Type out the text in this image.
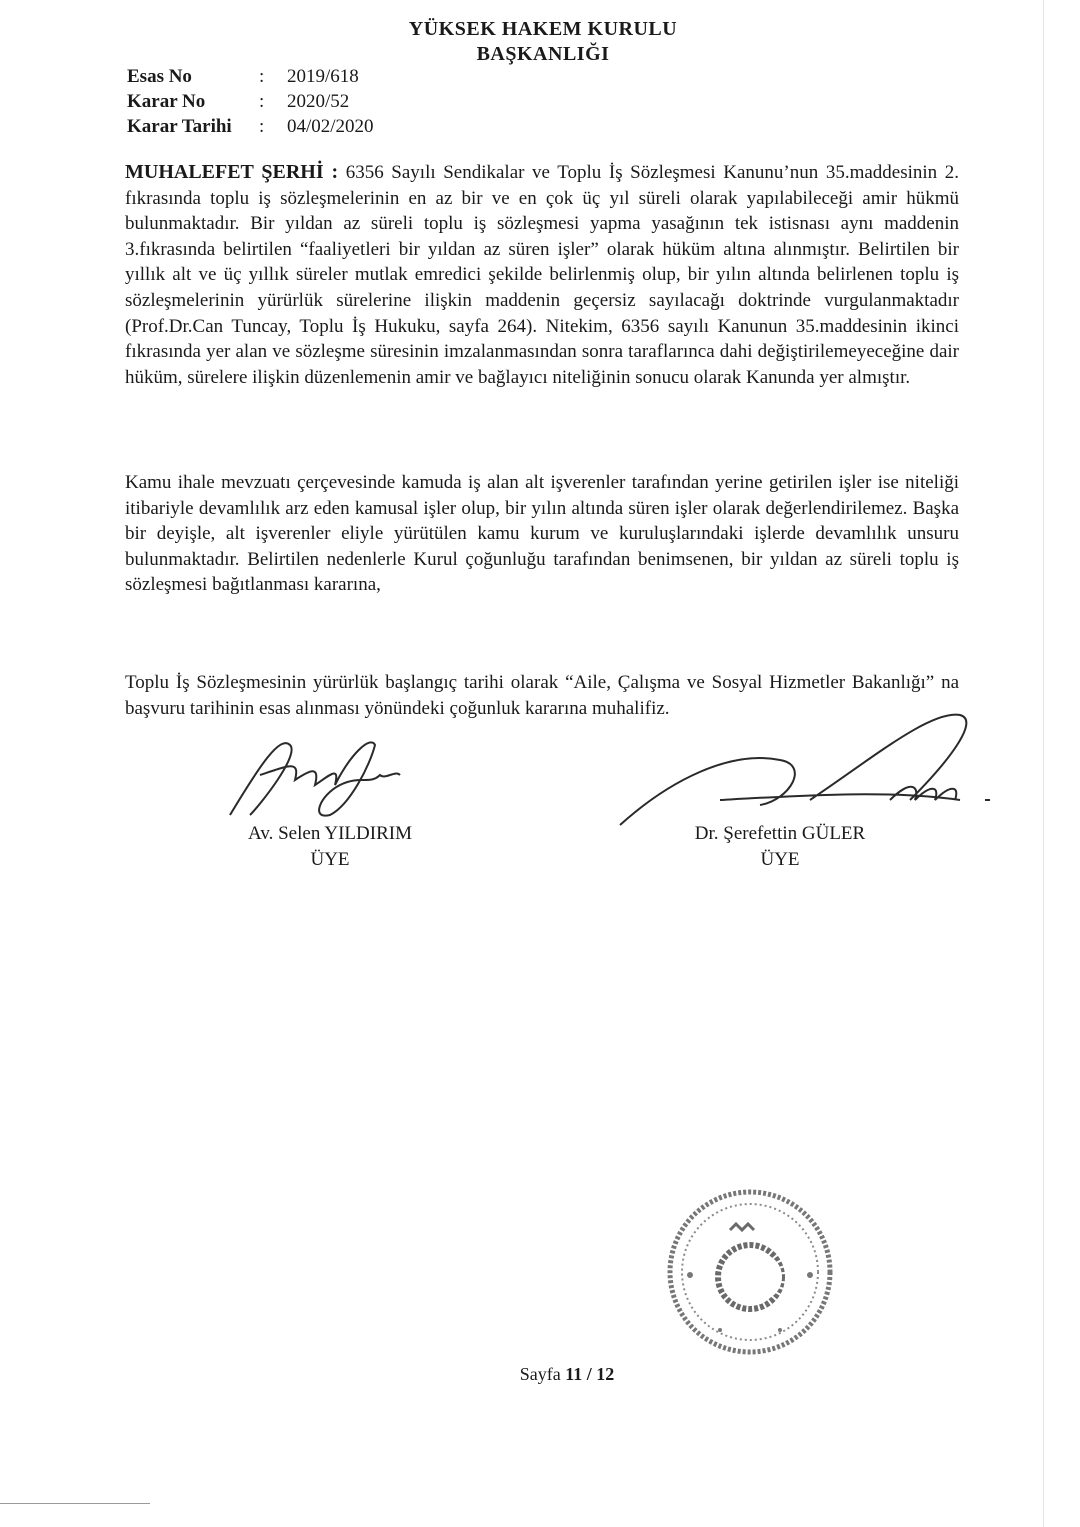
YÜKSEK HAKEM KURULU
BAŞKANLIĞI
Esas No	:	2019/618
Karar No	:	2020/52
Karar Tarihi	:	04/02/2020

MUHALEFET ŞERHİ : 6356 Sayılı Sendikalar ve Toplu İş Sözleşmesi Kanunu’nun 35.maddesinin 2. fıkrasında toplu iş sözleşmelerinin en az bir ve en çok üç yıl süreli olarak yapılabileceği amir hükmü bulunmaktadır. Bir yıldan az süreli toplu iş sözleşmesi yapma yasağının tek istisnası aynı maddenin 3.fıkrasında belirtilen “faaliyetleri bir yıldan az süren işler” olarak hüküm altına alınmıştır. Belirtilen bir yıllık alt ve üç yıllık süreler mutlak emredici şekilde belirlenmiş olup, bir yılın altında belirlenen toplu iş sözleşmelerinin yürürlük sürelerine ilişkin maddenin geçersiz sayılacağı doktrinde vurgulanmaktadır (Prof.Dr.Can Tuncay, Toplu İş Hukuku, sayfa 264). Nitekim, 6356 sayılı Kanunun 35.maddesinin ikinci fıkrasında yer alan ve sözleşme süresinin imzalanmasından sonra taraflarınca dahi değiştirilemeyeceğine dair hüküm, sürelere ilişkin düzenlemenin amir ve bağlayıcı niteliğinin sonucu olarak Kanunda yer almıştır.

Kamu ihale mevzuatı çerçevesinde kamuda iş alan alt işverenler tarafından yerine getirilen işler ise niteliği itibariyle devamlılık arz eden kamusal işler olup, bir yılın altında süren işler olarak değerlendirilemez. Başka bir deyişle, alt işverenler eliyle yürütülen kamu kurum ve kuruluşlarındaki işlerde devamlılık unsuru bulunmaktadır. Belirtilen nedenlerle Kurul çoğunluğu tarafından benimsenen, bir yıldan az süreli toplu iş sözleşmesi bağıtlanması kararına,

Toplu İş Sözleşmesinin yürürlük başlangıç tarihi olarak “Aile, Çalışma ve Sosyal Hizmetler Bakanlığı” na başvuru tarihinin esas alınması yönündeki çoğunluk kararına muhalifiz.

Av. Selen YILDIRIM
ÜYE
Dr. Şerefettin GÜLER
ÜYE
Sayfa 11 / 12
